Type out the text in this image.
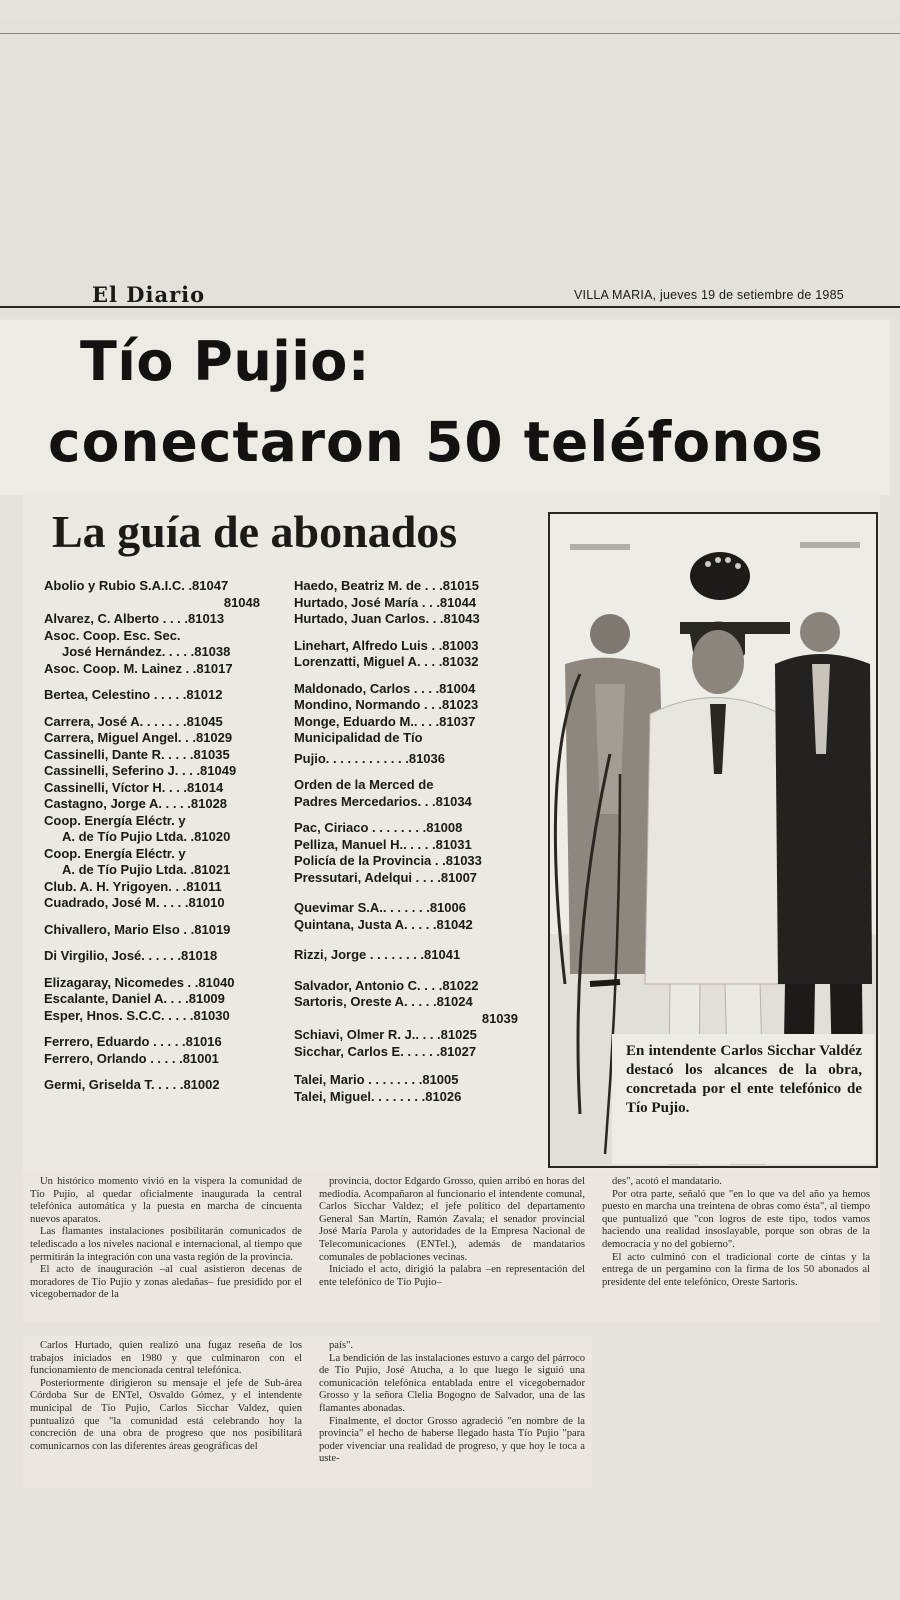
El Diario	VILLA MARIA, jueves 19 de setiembre de 1985
Tío Pujio:
conectaron 50 teléfonos
La guía de abonados
Abolio y Rubio S.A.I.C. .81047
81048
Alvarez, C. Alberto . . . .81013
Asoc. Coop. Esc. Sec.
José Hernández. . . . .81038
Asoc. Coop. M. Lainez . .81017
Bertea, Celestino . . . . .81012
Carrera, José A. . . . . . .81045
Carrera, Miguel Angel. . .81029
Cassinelli, Dante R. . . . .81035
Cassinelli, Seferino J. . . .81049
Cassinelli, Víctor H. . . .81014
Castagno, Jorge A. . . . .81028
Coop. Energía Eléctr. y
A. de Tío Pujio Ltda. .81020
Coop. Energía Eléctr. y
A. de Tío Pujio Ltda. .81021
Club. A. H. Yrigoyen. . .81011
Cuadrado, José M. . . . .81010
Chivallero, Mario Elso . .81019
Di Virgilio, José. . . . . .81018
Elizagaray, Nicomedes . .81040
Escalante, Daniel A. . . .81009
Esper, Hnos. S.C.C. . . . .81030
Ferrero, Eduardo . . . . .81016
Ferrero, Orlando . . . . .81001
Germi, Griselda T. . . . .81002
Haedo, Beatriz M. de . . .81015
Hurtado, José María . . .81044
Hurtado, Juan Carlos. . .81043
Linehart, Alfredo Luis . .81003
Lorenzatti, Miguel A. . . .81032
Maldonado, Carlos . . . .81004
Mondino, Normando . . .81023
Monge, Eduardo M.. . . .81037
Municipalidad de Tío
Pujio. . . . . . . . . . . .81036
Orden de la Merced de
Padres Mercedarios. . .81034
Pac, Ciriaco . . . . . . . .81008
Pelliza, Manuel H.. . . . .81031
Policía de la Provincia . .81033
Pressutari, Adelqui . . . .81007
Quevimar S.A.. . . . . . .81006
Quintana, Justa A. . . . .81042
Rizzi, Jorge . . . . . . . .81041
Salvador, Antonio C. . . .81022
Sartoris, Oreste A. . . . .81024
81039
Schiavi, Olmer R. J.. . . .81025
Sicchar, Carlos E. . . . . .81027
Talei, Mario . . . . . . . .81005
Talei, Miguel. . . . . . . .81026
En intendente Carlos Sicchar Valdéz destacó los alcances de la obra, concretada por el ente telefónico de Tío Pujio.

Un histórico momento vivió en la víspera la comunidad de Tío Pujio, al quedar oficialmente inaugurada la central telefónica automática y la puesta en marcha de cincuenta nuevos aparatos.

Las flamantes instalaciones posibilitarán comunicados de telediscado a los niveles nacional e internacional, al tiempo que permitirán la integración con una vasta región de la provincia.

El acto de inauguración –al cual asistieron decenas de moradores de Tío Pujio y zonas aledañas– fue presidido por el vicegobernador de la

provincia, doctor Edgardo Grosso, quien arribó en horas del mediodía. Acompañaron al funcionario el intendente comunal, Carlos Sicchar Valdez; el jefe político del departamento General San Martín, Ramón Zavala; el senador provincial José María Parola y autoridades de la Empresa Nacional de Telecomunicaciones (ENTel.), además de mandatarios comunales de poblaciones vecinas.

Iniciado el acto, dirigió la palabra –en representación del ente telefónico de Tío Pujio–

des", acotó el mandatario.

Por otra parte, señaló que "en lo que va del año ya hemos puesto en marcha una treintena de obras como ésta", al tiempo que puntualizó que "con logros de este tipo, todos vamos haciendo una realidad insoslayable, porque son obras de la democracia y no del gobierno".

El acto culminó con el tradicional corte de cintas y la entrega de un pergamino con la firma de los 50 abonados al presidente del ente telefónico, Oreste Sartoris.

Carlos Hurtado, quien realizó una fugaz reseña de los trabajos iniciados en 1980 y que culminaron con el funcionamiento de mencionada central telefónica.

Posteriormente dirigieron su mensaje el jefe de Sub-área Córdoba Sur de ENTel, Osvaldo Gómez, y el intendente municipal de Tío Pujio, Carlos Sicchar Valdez, quien puntualizó que "la comunidad está celebrando hoy la concreción de una obra de progreso que nos posibilitará comunicarnos con las diferentes áreas geográficas del

país".

La bendición de las instalaciones estuvo a cargo del párroco de Tío Pujio, José Atucha, a lo que luego le siguió una comunicación telefónica entablada entre el vicegobernador Grosso y la señora Clelia Bogogno de Salvador, una de las flamantes abonadas.

Finalmente, el doctor Grosso agradeció "en nombre de la provincia" el hecho de haberse llegado hasta Tío Pujio "para poder vivenciar una realidad de progreso, y que hoy le toca a uste-
